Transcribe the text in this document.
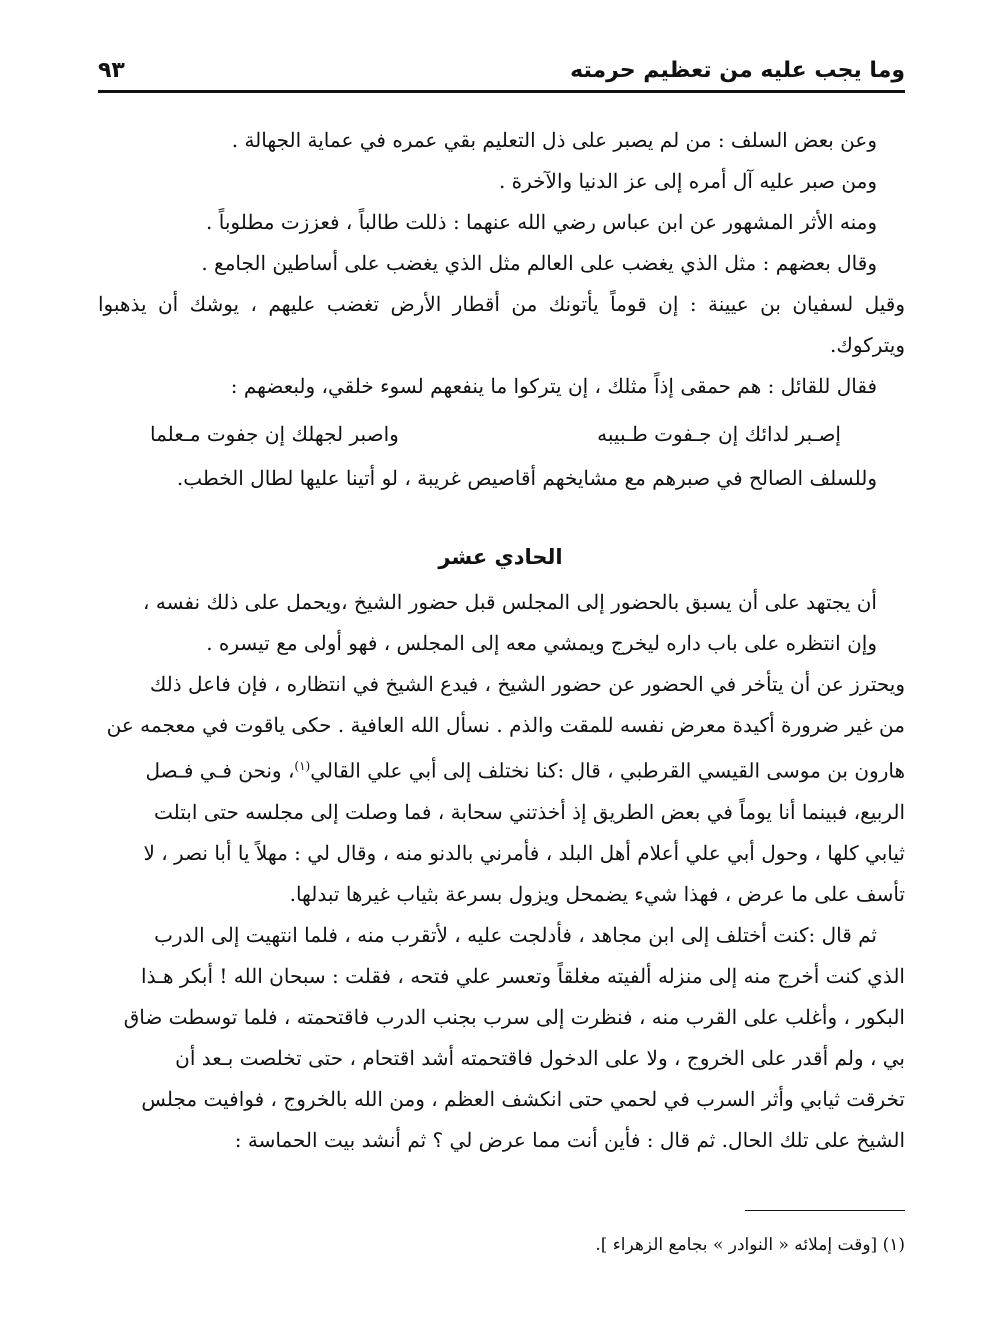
وما يجب عليه من تعظيم حرمته
٩٣
وعن بعض السلف : من لم يصبر على ذل التعليم بقي عمره في عماية الجهالة .
ومن صبر عليه آل أمره إلى عز الدنيا والآخرة .
ومنه الأثر المشهور عن ابن عباس رضي الله عنهما : ذللت طالباً ، فعززت مطلوباً .
وقال بعضهم : مثل الذي يغضب على العالم مثل الذي يغضب على أساطين الجامع .
وقيل لسفيان بن عيينة : إن قوماً يأتونك من أقطار الأرض تغضب عليهم ، يوشك أن يذهبوا
ويتركوك.
فقال للقائل : هم حمقى إذاً مثلك ، إن يتركوا ما ينفعهم لسوء خلقي، ولبعضهم :
إصـبر لدائك إن جـفوت طـبيبه
واصبر لجهلك إن جفوت مـعلما
وللسلف الصالح في صبرهم مع مشايخهم أقاصيص غريبة ، لو أتينا عليها لطال الخطب.
الحادي عشر
أن يجتهد على أن يسبق بالحضور إلى المجلس قبل حضور الشيخ ،ويحمل على ذلك نفسه ،
وإن انتظره على باب داره ليخرج ويمشي معه إلى المجلس ، فهو أولى مع تيسره .
ويحترز عن أن يتأخر في الحضور عن حضور الشيخ ، فيدع الشيخ في انتظاره ، فإن فاعل ذلك
من غير ضرورة أكيدة معرض نفسه للمقت والذم . نسأل الله العافية . حكى ياقوت في معجمه عن
هارون بن موسى القيسي القرطبي ، قال :كنا نختلف إلى أبي علي القالي$^{(١)}$، ونحن فـي فـصل
الربيع، فبينما أنا يوماً في بعض الطريق إذ أخذتني سحابة ، فما وصلت إلى مجلسه حتى ابتلت
ثيابي كلها ، وحول أبي علي أعلام أهل البلد ، فأمرني بالدنو منه ، وقال لي : مهلاً يا أبا نصر ، لا
تأسف على ما عرض ، فهذا شيء يضمحل ويزول بسرعة بثياب غيرها تبدلها.
ثم قال :كنت أختلف إلى ابن مجاهد ، فأدلجت عليه ، لأتقرب منه ، فلما انتهيت إلى الدرب
الذي كنت أخرج منه إلى منزله ألفيته مغلقاً وتعسر علي فتحه ، فقلت : سبحان الله ! أبكر هـذا
البكور ، وأغلب على القرب منه ، فنظرت إلى سرب بجنب الدرب فاقتحمته ، فلما توسطت ضاق
بي ، ولم أقدر على الخروج ، ولا على الدخول فاقتحمته أشد اقتحام ، حتى تخلصت بـعد أن
تخرقت ثيابي وأثر السرب في لحمي حتى انكشف العظم ، ومن الله بالخروج ، فوافيت مجلس
الشيخ على تلك الحال. ثم قال : فأين أنت مما عرض لي ؟ ثم أنشد بيت الحماسة :
(١) [وقت إملائه « النوادر » بجامع الزهراء ].
